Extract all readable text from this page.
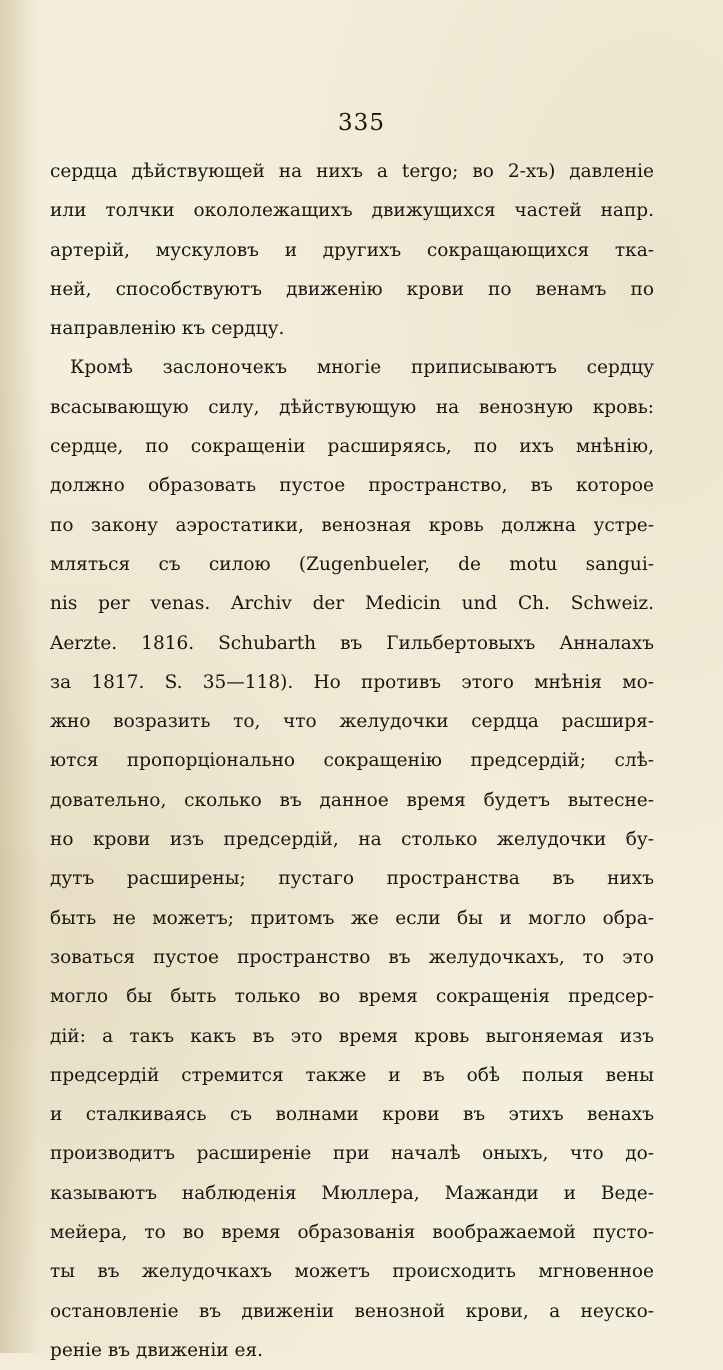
335
сердца дѣйствующей на нихъ a tergo; во 2-хъ) давленіе
или толчки окололежащихъ движущихся частей напр.
артерій, мускуловъ и другихъ сокращающихся тка-
ней, способствуютъ движенію крови по венамъ по
направленію къ сердцу.
Кромѣ заслоночекъ многіе приписываютъ сердцу
всасывающую силу, дѣйствующую на венозную кровь:
сердце, по сокращеніи расширяясь, по ихъ мнѣнію,
должно образовать пустое пространство, въ которое
по закону аэростатики, венозная кровь должна устре-
мляться съ силою (Zugenbueler, de motu sangui-
nis per venas. Archiv der Medicin und Ch. Schweiz.
Aerzte. 1816. Schubarth въ Гильбертовыхъ Анналахъ
за 1817. S. 35—118). Но противъ этого мнѣнія мо-
жно возразить то, что желудочки сердца расширя-
ются пропорціонально сокращенію предсердій; слѣ-
довательно, сколько въ данное время будетъ вытесне-
но крови изъ предсердій, на столько желудочки бу-
дутъ расширены; пустаго пространства въ нихъ
быть не можетъ; притомъ же если бы и могло обра-
зоваться пустое пространство въ желудочкахъ, то это
могло бы быть только во время сокращенія предсер-
дій: а такъ какъ въ это время кровь выгоняемая изъ
предсердій стремится также и въ обѣ полыя вены
и сталкиваясь съ волнами крови въ этихъ венахъ
производитъ расширеніе при началѣ оныхъ, что до-
казываютъ наблюденія Мюллера, Мажанди и Веде-
мейера, то во время образованія воображаемой пусто-
ты въ желудочкахъ можетъ происходить мгновенное
остановленіе въ движеніи венозной крови, а неуско-
реніе въ движеніи ея.
